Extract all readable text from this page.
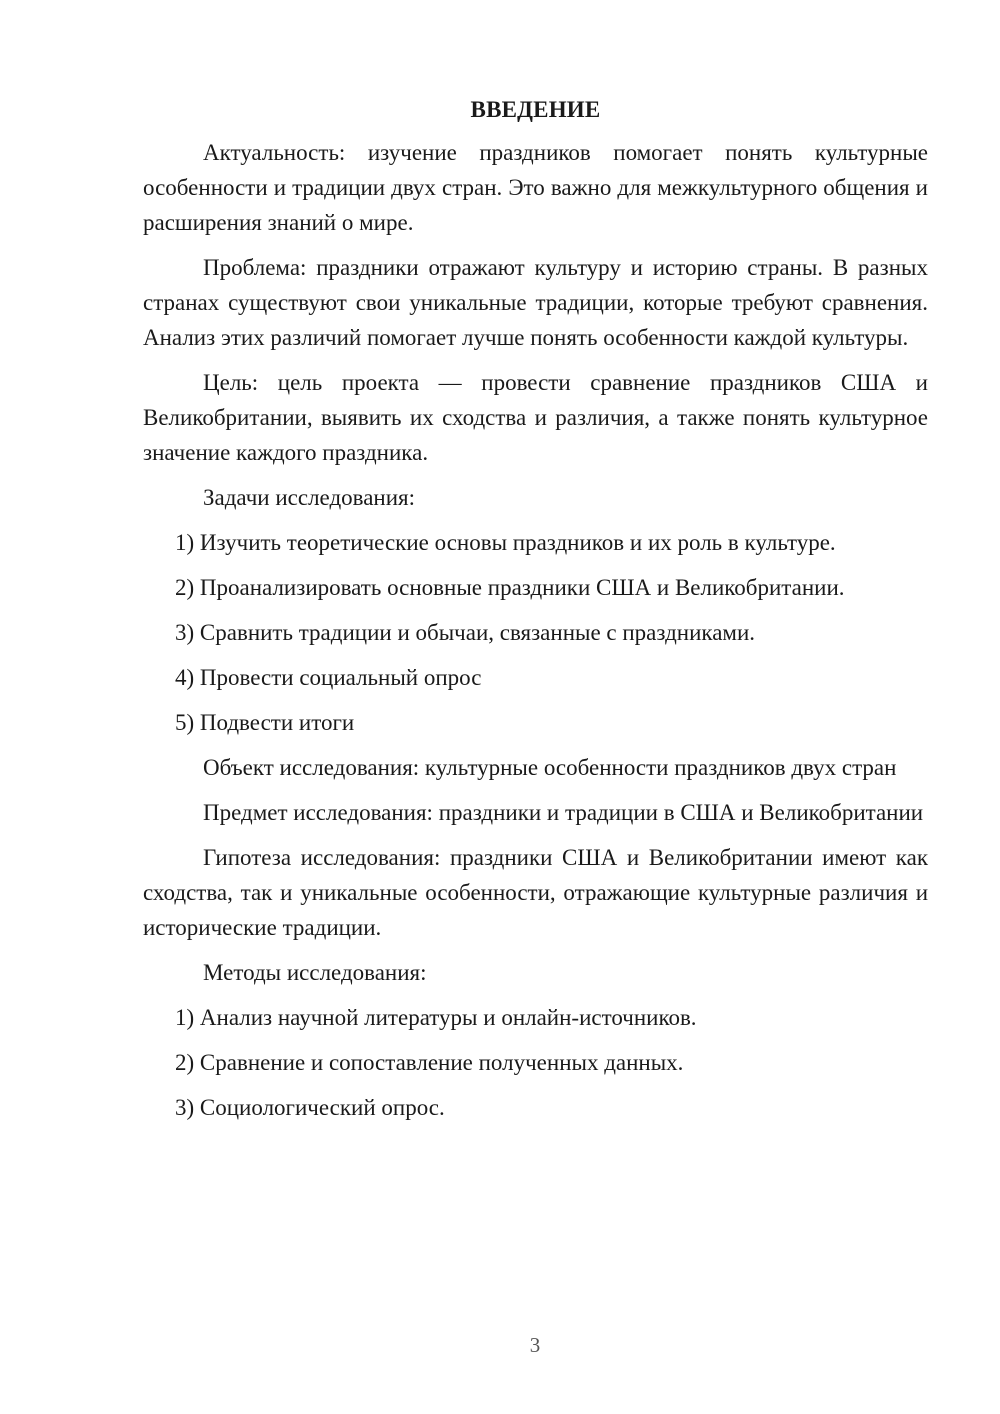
ВВЕДЕНИЕ

Актуальность: изучение праздников помогает понять культурные особенности и традиции двух стран. Это важно для межкультурного общения и расширения знаний о мире.

Проблема: праздники отражают культуру и историю страны. В разных странах существуют свои уникальные традиции, которые требуют сравнения. Анализ этих различий помогает лучше понять особенности каждой культуры.

Цель: цель проекта — провести сравнение праздников США и Великобритании, выявить их сходства и различия, а также понять культурное значение каждого праздника.

Задачи исследования:

1) Изучить теоретические основы праздников и их роль в культуре.

2) Проанализировать основные праздники США и Великобритании.

3) Сравнить традиции и обычаи, связанные с праздниками.

4) Провести социальный опрос

5) Подвести итоги

Объект исследования: культурные особенности праздников двух стран

Предмет исследования: праздники и традиции в США и Великобритании

Гипотеза исследования: праздники США и Великобритании имеют как сходства, так и уникальные особенности, отражающие культурные различия и исторические традиции.

Методы исследования:

1) Анализ научной литературы и онлайн-источников.

2) Сравнение и сопоставление полученных данных.

3) Социологический опрос.

3
